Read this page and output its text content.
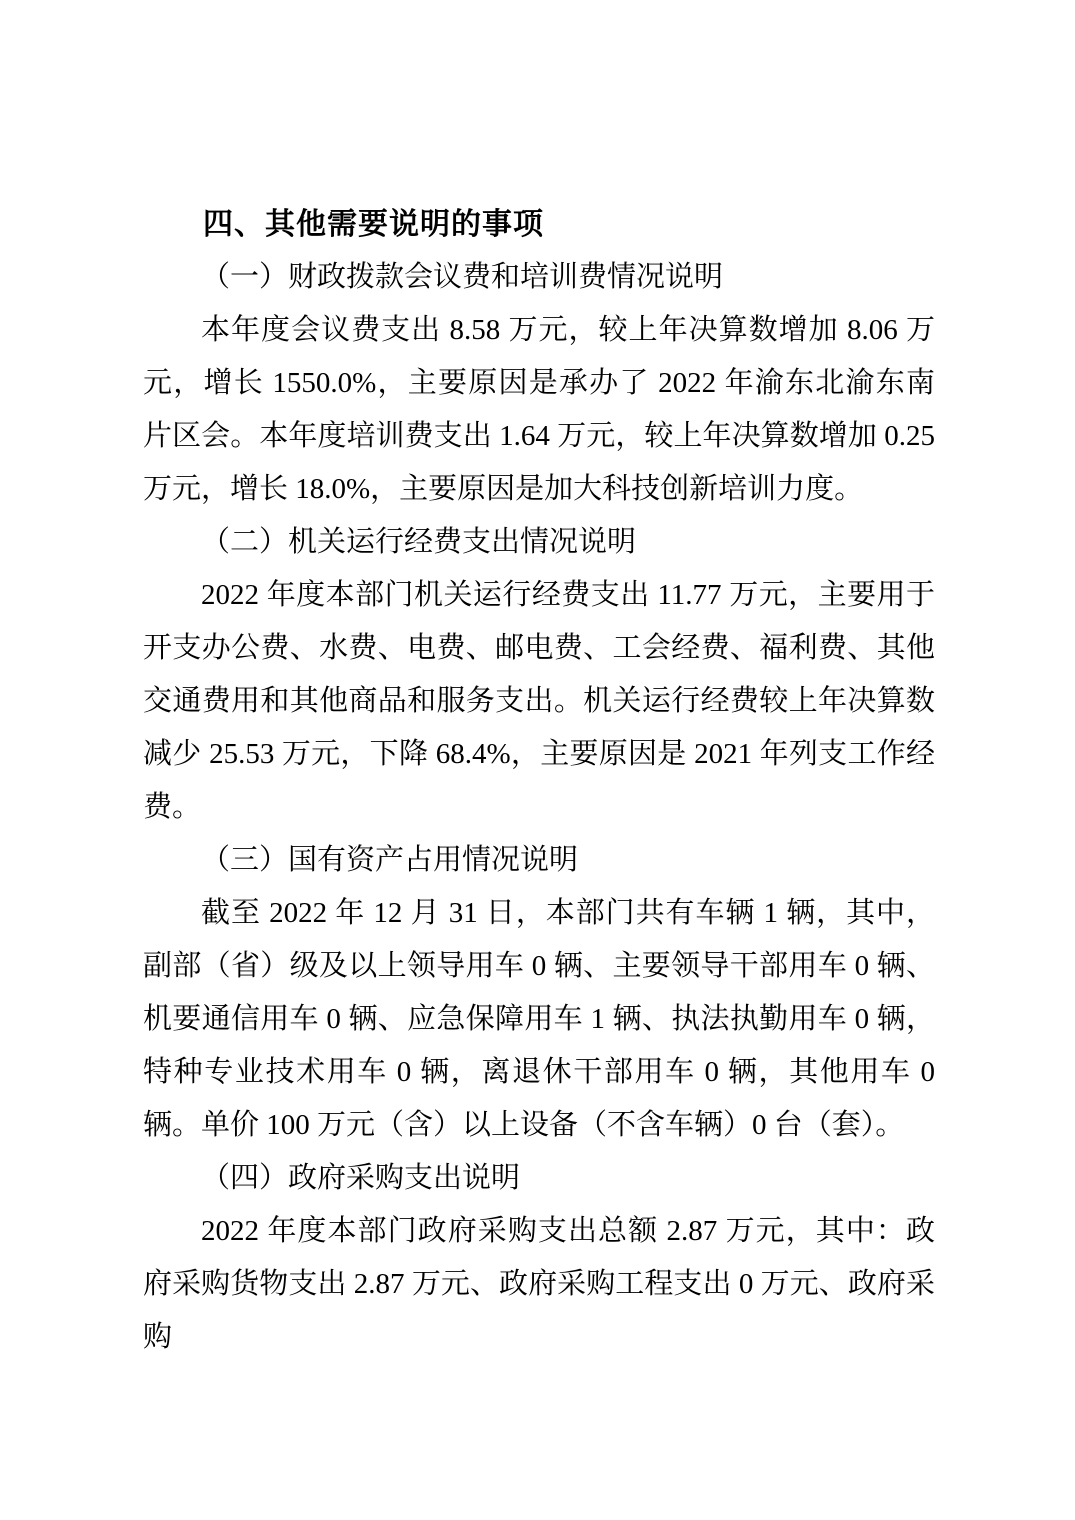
四、其他需要说明的事项
（一）财政拨款会议费和培训费情况说明
本年度会议费支出 8.58 万元，较上年决算数增加 8.06 万元，增长 1550.0%，主要原因是承办了 2022 年渝东北渝东南片区会。本年度培训费支出 1.64 万元，较上年决算数增加 0.25 万元，增长 18.0%，主要原因是加大科技创新培训力度。
（二）机关运行经费支出情况说明
2022 年度本部门机关运行经费支出 11.77 万元，主要用于开支办公费、水费、电费、邮电费、工会经费、福利费、其他交通费用和其他商品和服务支出。机关运行经费较上年决算数减少 25.53 万元，下降 68.4%，主要原因是 2021 年列支工作经费。
（三）国有资产占用情况说明
截至 2022 年 12 月 31 日，本部门共有车辆 1 辆，其中，副部（省）级及以上领导用车 0 辆、主要领导干部用车 0 辆、机要通信用车 0 辆、应急保障用车 1 辆、执法执勤用车 0 辆，特种专业技术用车 0 辆，离退休干部用车 0 辆，其他用车 0 辆。单价 100 万元（含）以上设备（不含车辆）0 台（套）。
（四）政府采购支出说明
2022 年度本部门政府采购支出总额 2.87 万元，其中：政府采购货物支出 2.87 万元、政府采购工程支出 0 万元、政府采购
